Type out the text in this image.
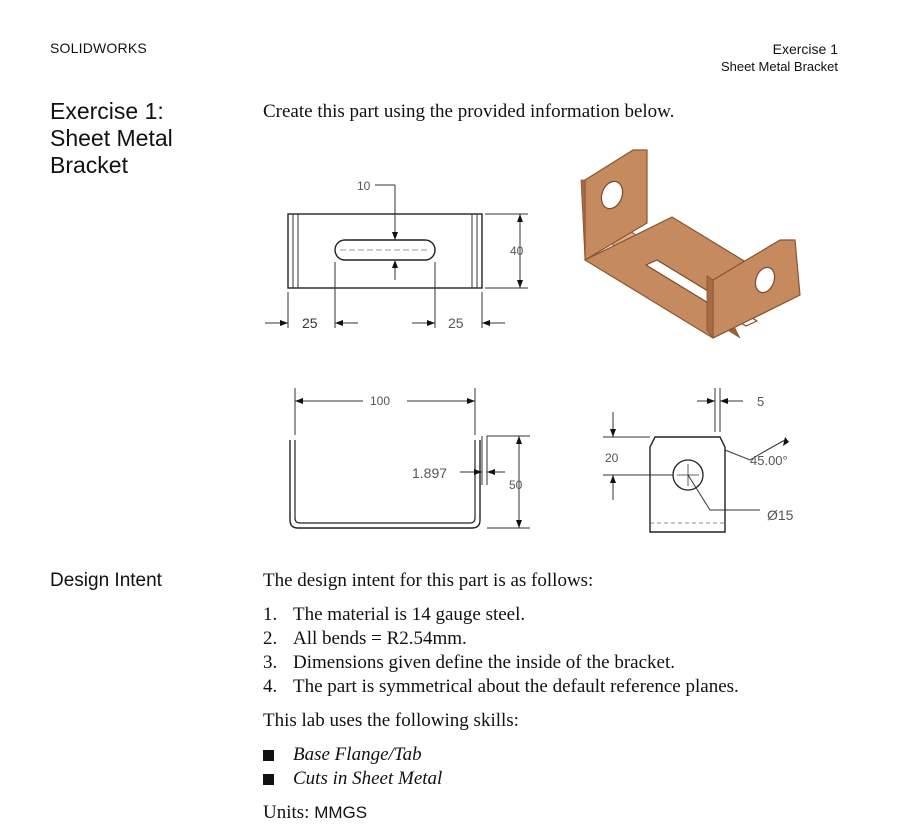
SOLIDWORKS	Exercise 1
Sheet Metal Bracket
Exercise 1:
Sheet Metal
Bracket
Create this part using the provided information below.
10
40
25	25
100
1.897
50
5
20	45.00°
Ø15
Design Intent	The design intent for this part is as follows:

1. The material is 14 gauge steel.
2. All bends = R2.54mm.
3. Dimensions given define the inside of the bracket.
4. The part is symmetrical about the default reference planes.

This lab uses the following skills:

Base Flange/Tab
Cuts in Sheet Metal

Units: MMGS
